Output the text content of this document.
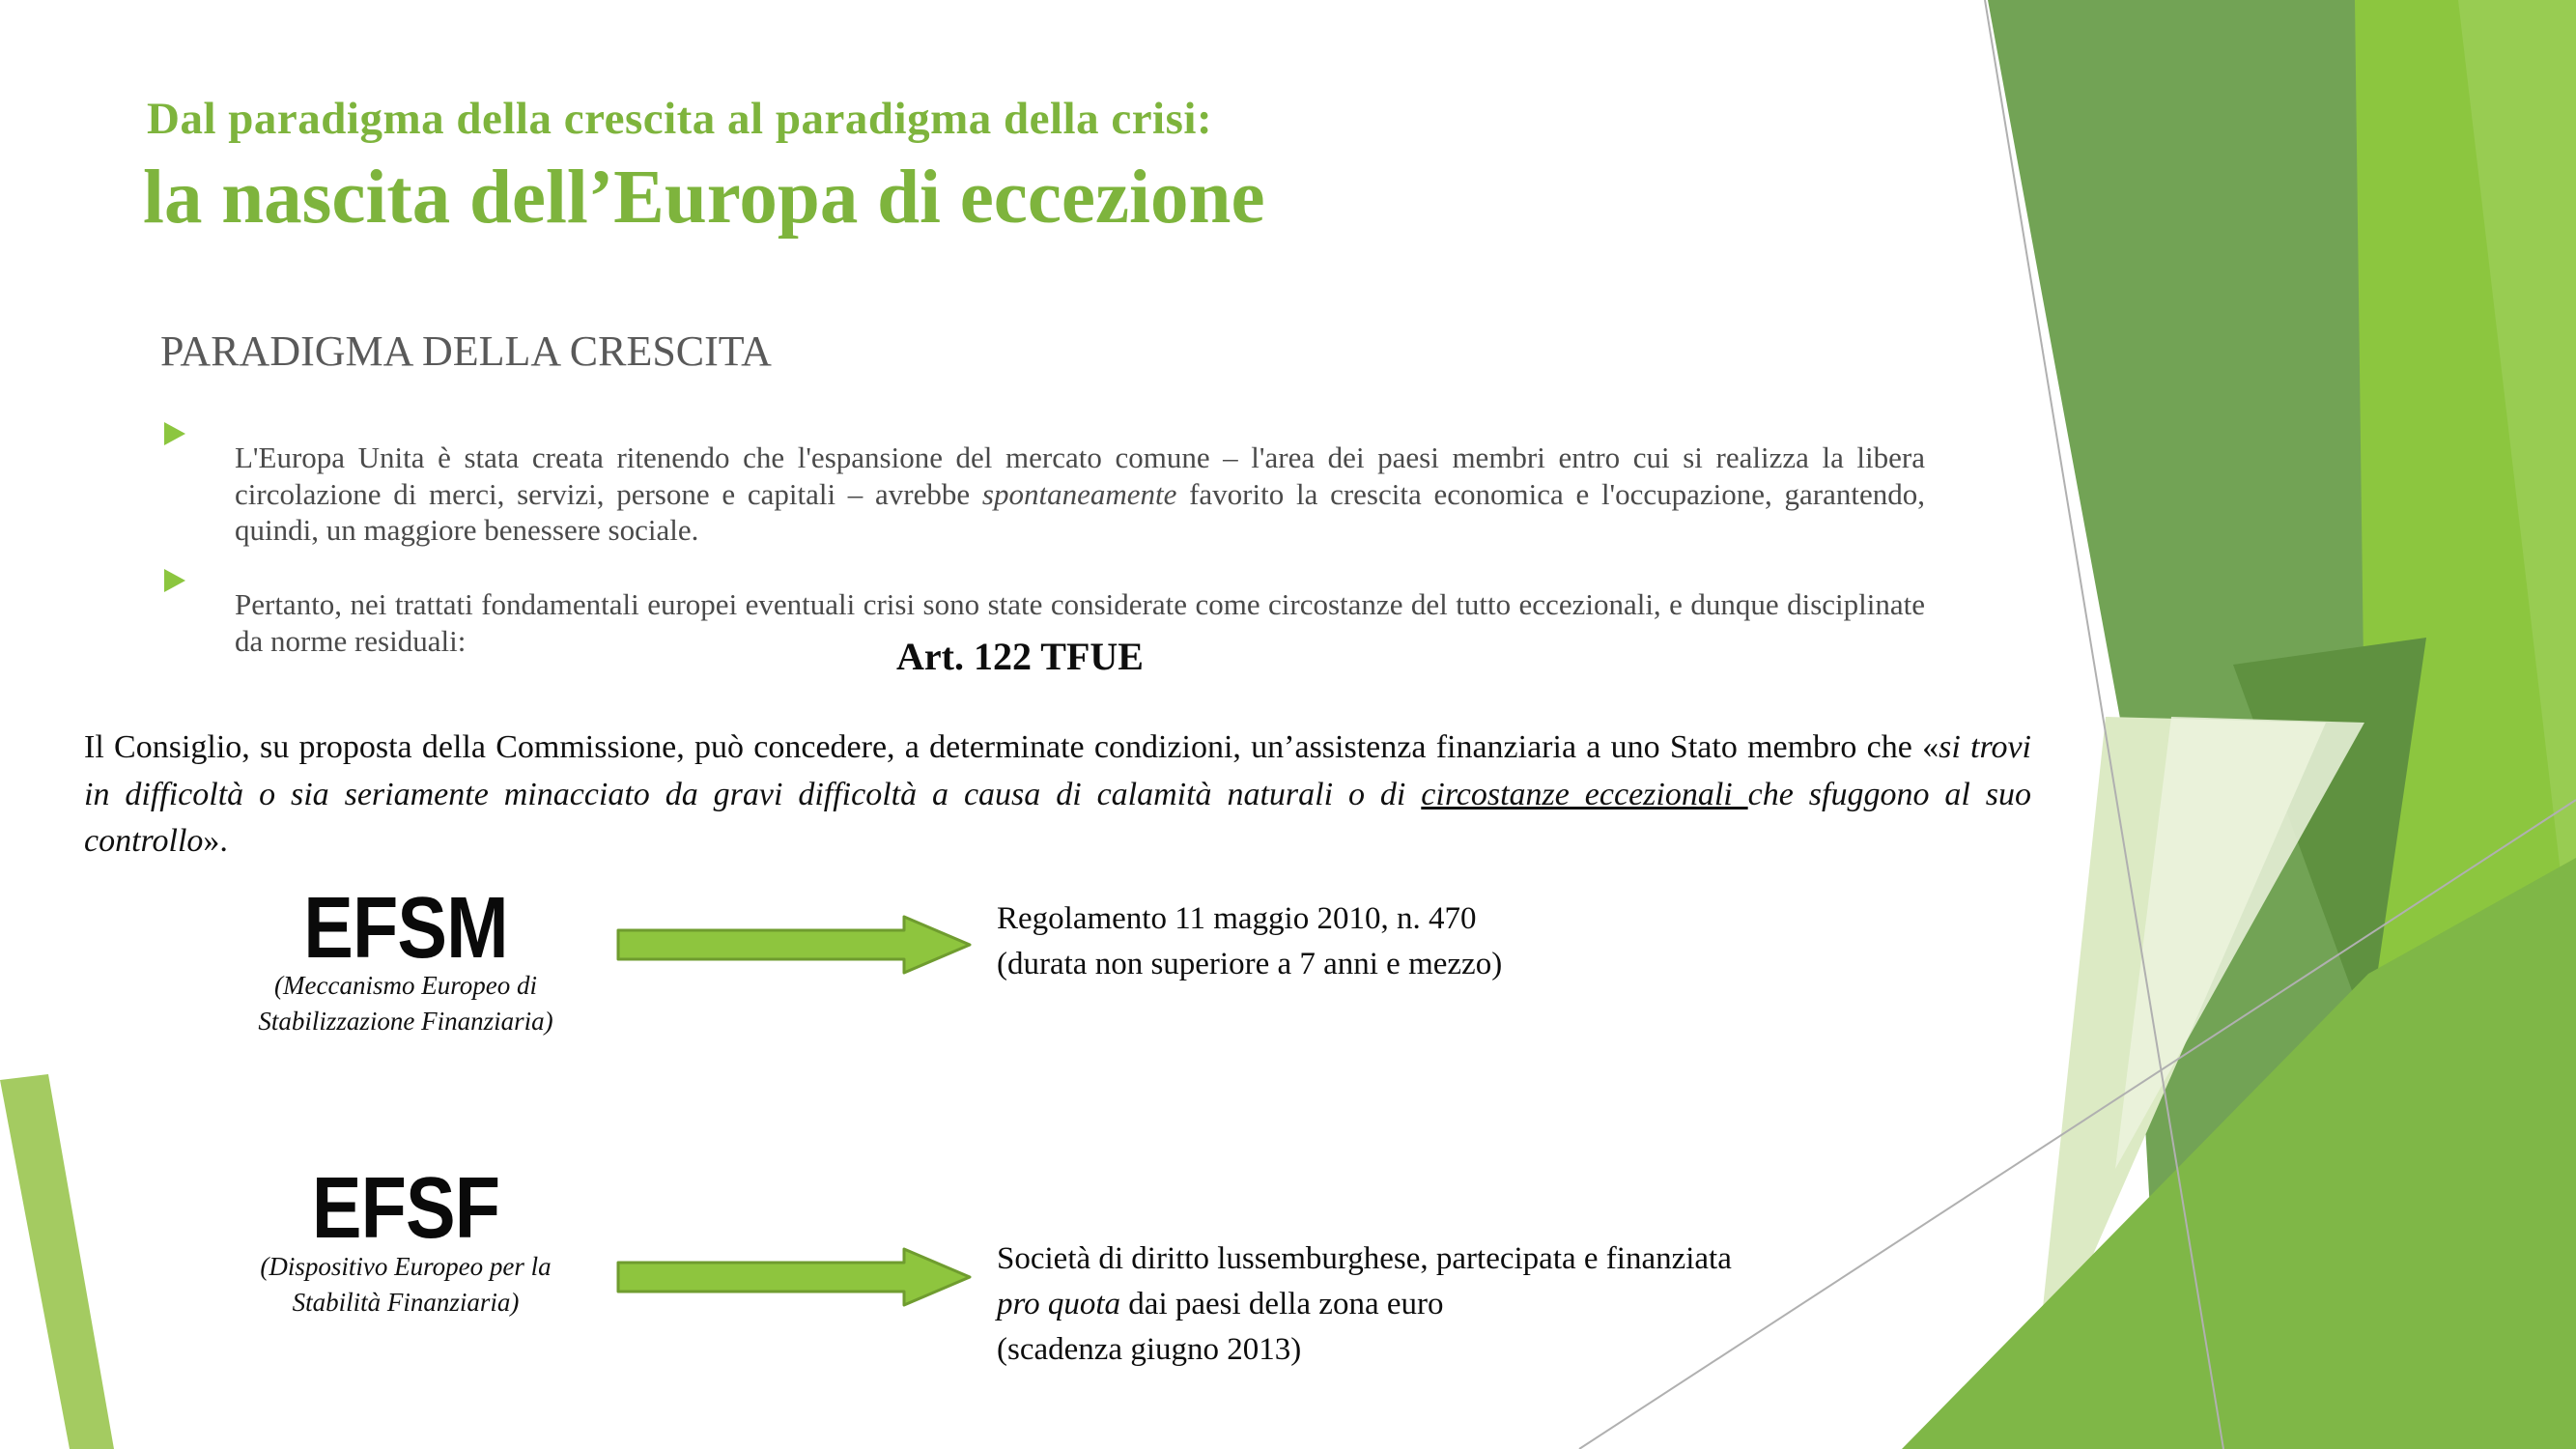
Dal paradigma della crescita al paradigma della crisi:
la nascita dell’Europa di eccezione
PARADIGMA DELLA CRESCITA

L'Europa Unita è stata creata ritenendo che l'espansione del mercato comune – l'area dei paesi membri entro cui si realizza la libera circolazione di merci, servizi, persone e capitali – avrebbe spontaneamente favorito la crescita economica e l'occupazione, garantendo, quindi, un maggiore benessere sociale.

Pertanto, nei trattati fondamentali europei eventuali crisi sono state considerate come circostanze del tutto eccezionali, e dunque disciplinate da norme residuali:	Art. 122 TFUE

Il Consiglio, su proposta della Commissione, può concedere, a determinate condizioni, un’assistenza finanziaria a uno Stato membro che «si trovi in difficoltà o sia seriamente minacciato da gravi difficoltà a causa di calamità naturali o di circostanze eccezionali che sfuggono al suo controllo».

EFSM
(Meccanismo Europeo di
Stabilizzazione Finanziaria)
Regolamento 11 maggio 2010, n. 470
(durata non superiore a 7 anni e mezzo)
EFSF
(Dispositivo Europeo per la
Stabilità Finanziaria)
Società di diritto lussemburghese, partecipata e finanziata
pro quota dai paesi della zona euro
(scadenza giugno 2013)
